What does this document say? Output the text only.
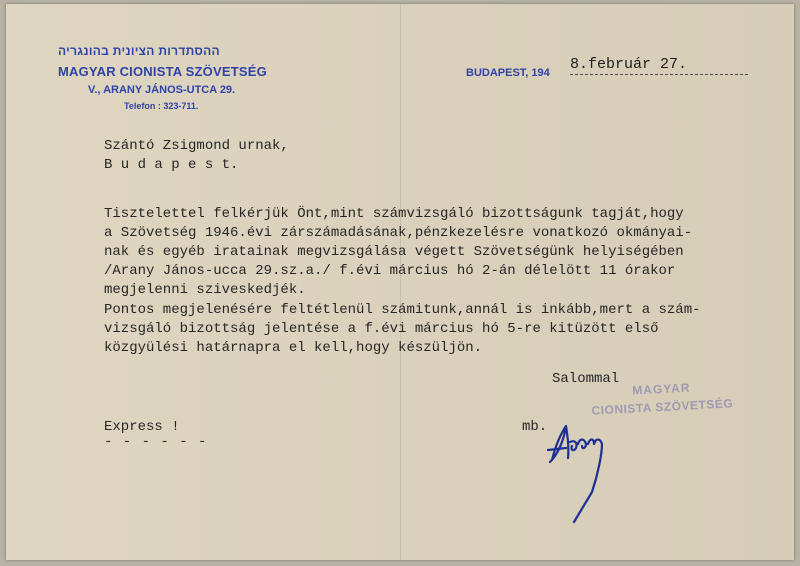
ההסתדרות הציונית בהונגריה
MAGYAR CIONISTA SZÖVETSÉG
V., ARANY JÁNOS-UTCA 29.
Telefon : 323-711.
BUDAPEST, 194 8.február 27.
Szántó Zsigmond urnak,
B u d a p e s t.
Tisztelettel felkérjük Önt,mint számvizsgáló bizottságunk tagját,hogy
a Szövetség 1946.évi zárszámadásának,pénzkezelésre vonatkozó okmányai-
nak és egyéb iratainak megvizsgálása végett Szövetségünk helyiségében
/Arany János-ucca 29.sz.a./ f.évi március hó 2-án délelött 11 órakor
megjelenni sziveskedjék.
Pontos megjelenésére feltétlenül számitunk,annál is inkább,mert a szám-
vizsgáló bizottság jelentése a f.évi március hó 5-re kitüzött első
közgyülési határnapra el kell,hogy készüljön.
Salommal
Express !
- - - - - -
mb.
MAGYAR
CIONISTA SZÖVETSÉG
